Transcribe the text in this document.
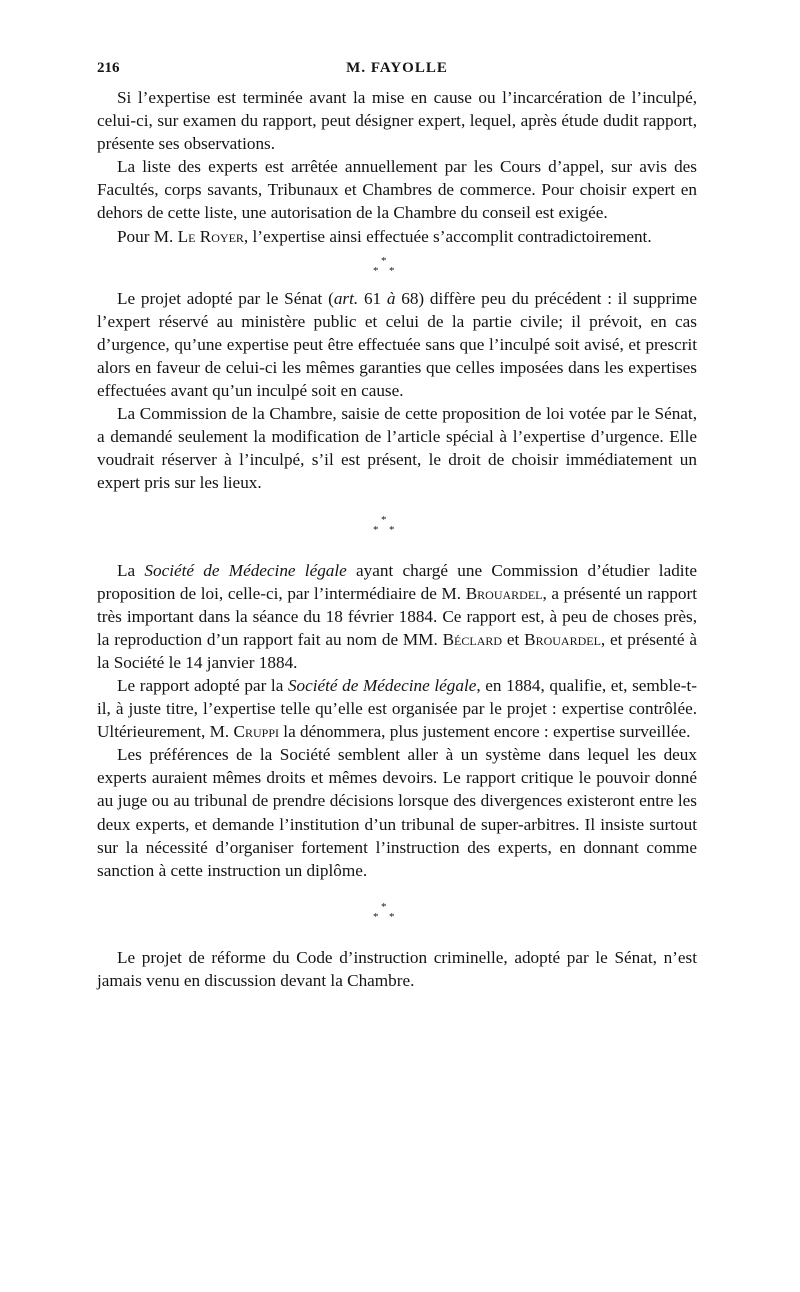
216	M. FAYOLLE

Si l’expertise est terminée avant la mise en cause ou l’incarcération de l’inculpé, celui-ci, sur examen du rapport, peut désigner expert, lequel, après étude dudit rapport, présente ses observations.

La liste des experts est arrêtée annuellement par les Cours d’appel, sur avis des Facultés, corps savants, Tribunaux et Chambres de commerce. Pour choisir expert en dehors de cette liste, une autorisation de la Chambre du conseil est exigée.

Pour M. Le Royer, l’expertise ainsi effectuée s’accomplit contradictoirement.

*
* *

Le projet adopté par le Sénat (art. 61 à 68) diffère peu du précédent : il supprime l’expert réservé au ministère public et celui de la partie civile; il prévoit, en cas d’urgence, qu’une expertise peut être effectuée sans que l’inculpé soit avisé, et prescrit alors en faveur de celui-ci les mêmes garanties que celles imposées dans les expertises effectuées avant qu’un inculpé soit en cause.

La Commission de la Chambre, saisie de cette proposition de loi votée par le Sénat, a demandé seulement la modification de l’article spécial à l’expertise d’urgence. Elle voudrait réserver à l’inculpé, s’il est présent, le droit de choisir immédiatement un expert pris sur les lieux.

*
* *

La Société de Médecine légale ayant chargé une Commission d’étudier ladite proposition de loi, celle-ci, par l’intermédiaire de M. Brouardel, a présenté un rapport très important dans la séance du 18 février 1884. Ce rapport est, à peu de choses près, la reproduction d’un rapport fait au nom de MM. Béclard et Brouardel, et présenté à la Société le 14 janvier 1884.

Le rapport adopté par la Société de Médecine légale, en 1884, qualifie, et, semble-t-il, à juste titre, l’expertise telle qu’elle est organisée par le projet : expertise contrôlée. Ultérieurement, M. Cruppi la dénommera, plus justement encore : expertise surveillée.

Les préférences de la Société semblent aller à un système dans lequel les deux experts auraient mêmes droits et mêmes devoirs. Le rapport critique le pouvoir donné au juge ou au tribunal de prendre décisions lorsque des divergences existeront entre les deux experts, et demande l’institution d’un tribunal de super-arbitres. Il insiste surtout sur la nécessité d’organiser fortement l’instruction des experts, en donnant comme sanction à cette instruction un diplôme.

*
* *

Le projet de réforme du Code d’instruction criminelle, adopté par le Sénat, n’est jamais venu en discussion devant la Chambre.
